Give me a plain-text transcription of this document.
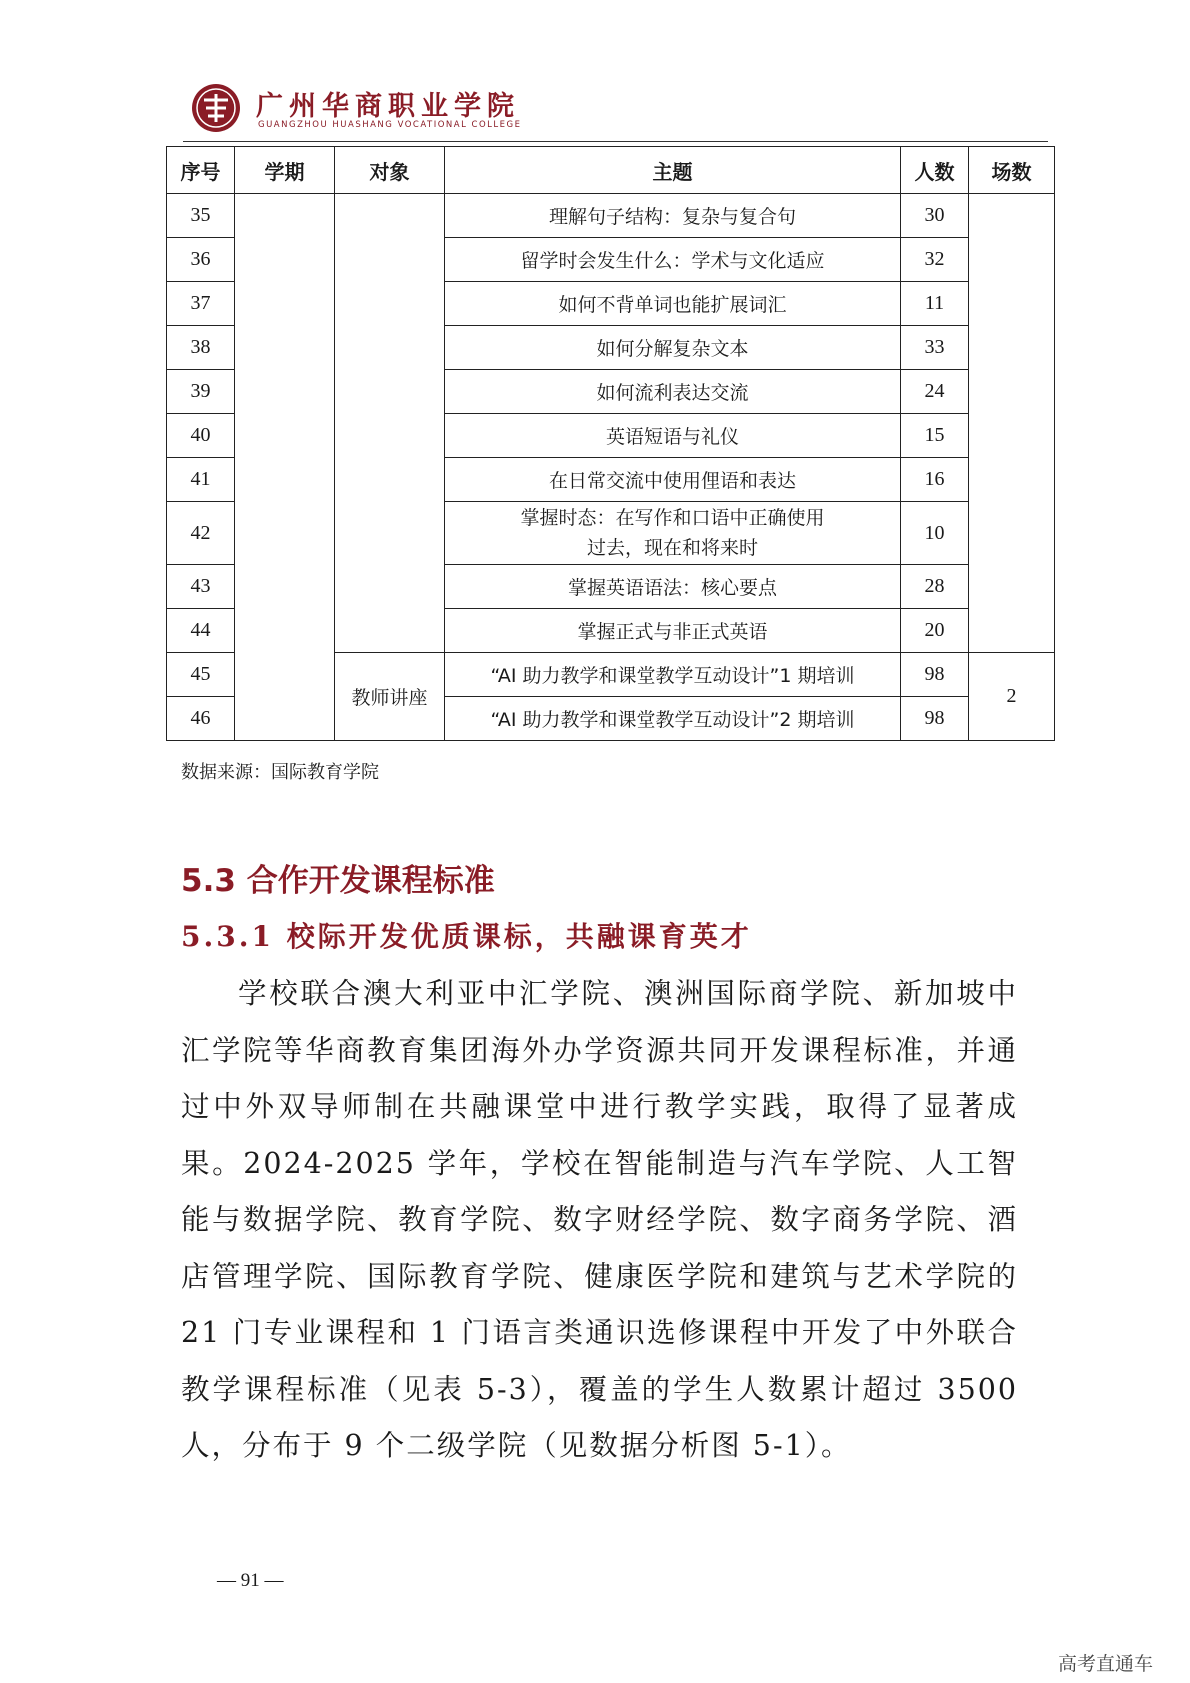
广州华商职业学院
GUANGZHOU HUASHANG VOCATIONAL COLLEGE
序号	学期	对象	主题	人数	场数
35			理解句子结构：复杂与复合句	30	
36			留学时会发生什么：学术与文化适应	32	
37			如何不背单词也能扩展词汇	11	
38			如何分解复杂文本	33	
39			如何流利表达交流	24	
40			英语短语与礼仪	15	
41			在日常交流中使用俚语和表达	16	
42			掌握时态：在写作和口语中正确使用
过去，现在和将来时	10	
43			掌握英语语法：核心要点	28	
44			掌握正式与非正式英语	20	
45		教师讲座	“AI 助力教学和课堂教学互动设计”1 期培训	98	2
46			“AI 助力教学和课堂教学互动设计”2 期培训	98	
数据来源：国际教育学院
5.3 合作开发课程标准
5.3.1 校际开发优质课标，共融课育英才

学校联合澳大利亚中汇学院、澳洲国际商学院、新加坡中汇学院等华商教育集团海外办学资源共同开发课程标准，并通过中外双导师制在共融课堂中进行教学实践，取得了显著成果。2024-2025 学年，学校在智能制造与汽车学院、人工智能与数据学院、教育学院、数字财经学院、数字商务学院、酒店管理学院、国际教育学院、健康医学院和建筑与艺术学院的 21 门专业课程和 1 门语言类通识选修课程中开发了中外联合教学课程标准（见表 5-3），覆盖的学生人数累计超过 3500 人，分布于 9 个二级学院（见数据分析图 5-1）。

— 91 —
高考直通车
